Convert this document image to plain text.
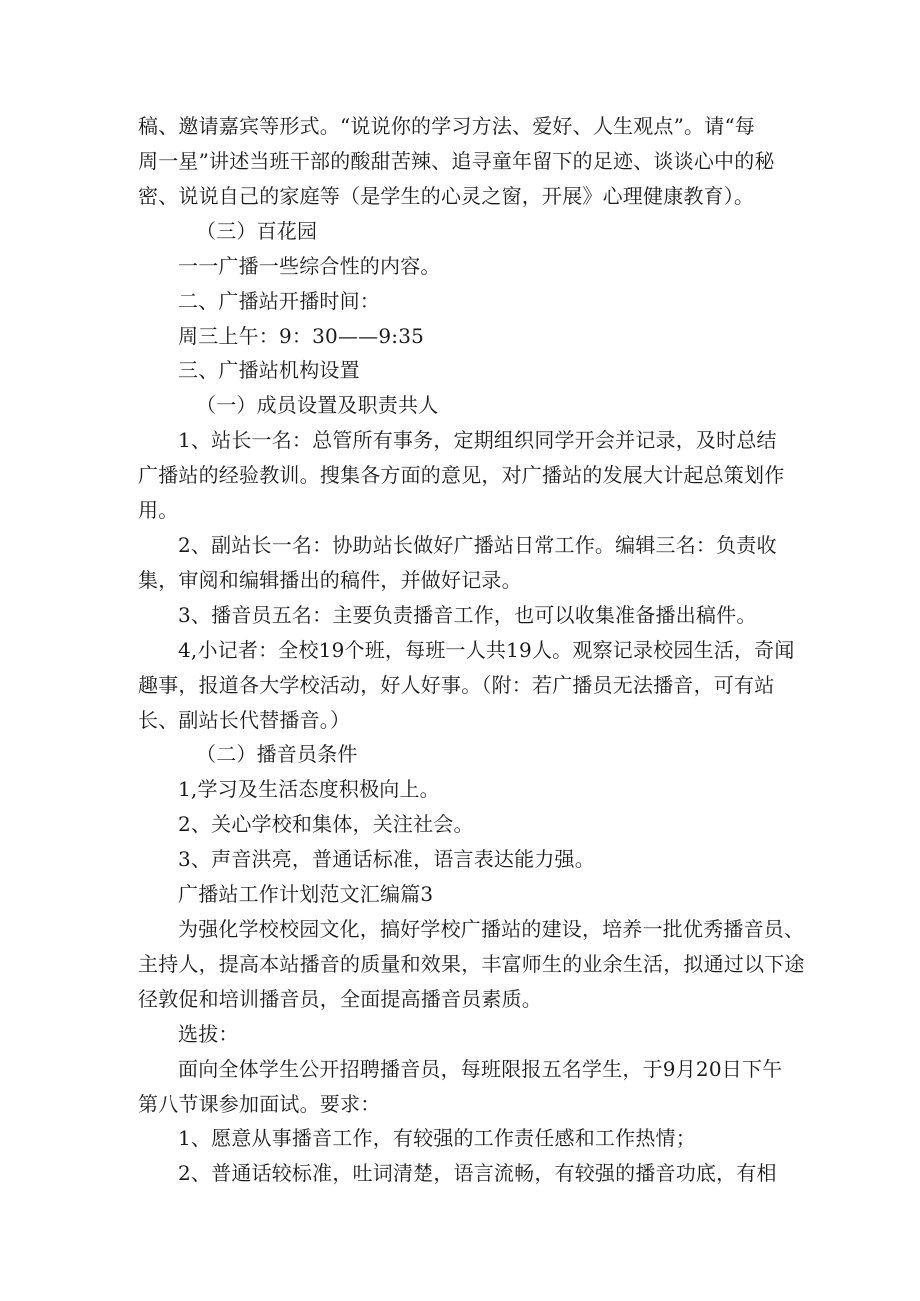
稿、邀请嘉宾等形式。“说说你的学习方法、爱好、人生观点”。请“每
周一星”讲述当班干部的酸甜苦辣、追寻童年留下的足迹、谈谈心中的秘
密、说说自己的家庭等（是学生的心灵之窗，开展》心理健康教育）。
（三）百花园
一一广播一些综合性的内容。
二、广播站开播时间：
周三上午：9：30——9:35
三、广播站机构设置
（一）成员设置及职责共人
1、站长一名：总管所有事务，定期组织同学开会并记录，及时总结
广播站的经验教训。搜集各方面的意见，对广播站的发展大计起总策划作
用。
2、副站长一名：协助站长做好广播站日常工作。编辑三名：负责收
集，审阅和编辑播出的稿件，并做好记录。
3、播音员五名：主要负责播音工作，也可以收集准备播出稿件。
4,小记者：全校19个班，每班一人共19人。观察记录校园生活，奇闻
趣事，报道各大学校活动，好人好事。（附：若广播员无法播音，可有站
长、副站长代替播音。）
（二）播音员条件
1,学习及生活态度积极向上。
2、关心学校和集体，关注社会。
3、声音洪亮，普通话标准，语言表达能力强。
广播站工作计划范文汇编篇3
为强化学校校园文化，搞好学校广播站的建设，培养一批优秀播音员、
主持人，提高本站播音的质量和效果，丰富师生的业余生活，拟通过以下途
径敦促和培训播音员，全面提高播音员素质。
选拔：
面向全体学生公开招聘播音员，每班限报五名学生，于9月20日下午
第八节课参加面试。要求：
1、愿意从事播音工作，有较强的工作责任感和工作热情；
2、普通话较标准，吐词清楚，语言流畅，有较强的播音功底，有相
